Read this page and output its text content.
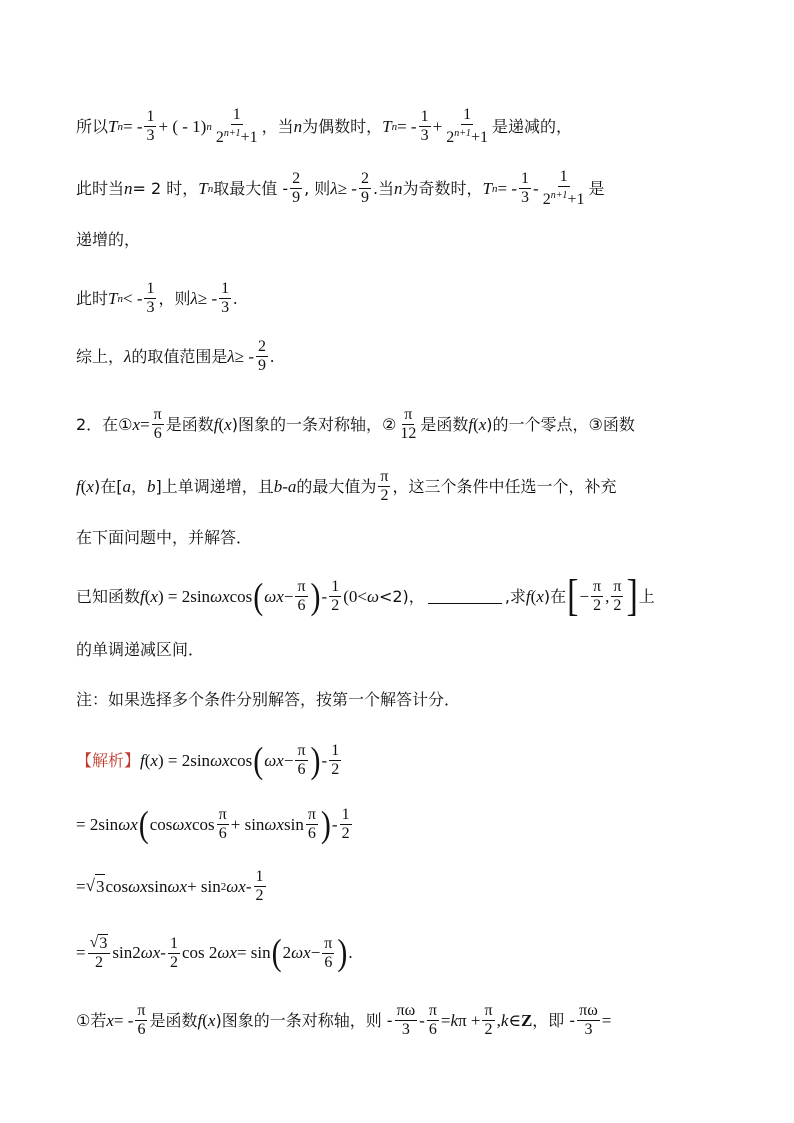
所以 T n = - $\frac{1}{3}$ + ( - 1) n $\frac{1}{2^{n+1}+1}$ ，当 n 为偶数时， T n = - $\frac{1}{3} + \frac{1}{2^{n+1}+1}$ 是递减的，
此时当 n = 2 时， T n 取最大值 - $\frac{2}{9}$ , 则 λ ≥ - $\frac{2}{9}$ .当 n 为奇数时， T n = - $\frac{1}{3} - \frac{1}{2^{n+1}+1}$ 是
递增的，
此时 T n < - $\frac{1}{3}$ ，则 λ ≥ - $\frac{1}{3}$ .
综上， λ 的取值范围是 λ ≥ - $\frac{2}{9}$ .
2．在① $x = \frac{\pi}{6}$ 是函数 f ( x )图象的一条对称轴，② $\frac{\pi}{12}$ 是函数 f ( x )的一个零点，③函数
f ( x )在[ a ， b ]上单调递增，且 b - a 的最大值为 $\frac{\pi}{2}$ ，这三个条件中任选一个，补充
在下面问题中，并解答．
已知函数 f ( x ) = 2sin ωx cos ( $\omega x - \frac{\pi}{6}$ ) - $\frac{1}{2} (0< \omega <2)$，	,求 f ( x )在 [ − $\frac{\pi}{2}$ , $\frac{\pi}{2}$ ] 上
的单调递减区间．
注：如果选择多个条件分别解答，按第一个解答计分．
【解析】 f ( x ) = 2sin ωx cos ( $\omega x - \frac{\pi}{6}$ ) - $\frac{1}{2}$
= 2sin ωx ( cos ωx $\cos \frac{\pi}{6} + \sin \omega x$ $\sin \frac{\pi}{6}$ ) - $\frac{1}{2}$
= √ 3 cos ωx sin ωx + sin 2 ωx - $\frac{1}{2}$
= $\frac{√ 3}{2} \sin 2$ ωx - $\frac{1}{2}$ cos 2 ωx = sin ( 2 $\omega x - \frac{\pi}{6}$ ) .
①若 x = - $\frac{\pi}{6}$ 是函数 f ( x )图象的一条对称轴，则 - $\frac{\pi\omega}{3} - \frac{\pi}{6} = k$ $\pi + \frac{\pi}{2}$ , k ∈ Z ，即 - $\frac{\pi\omega}{3}$ =
